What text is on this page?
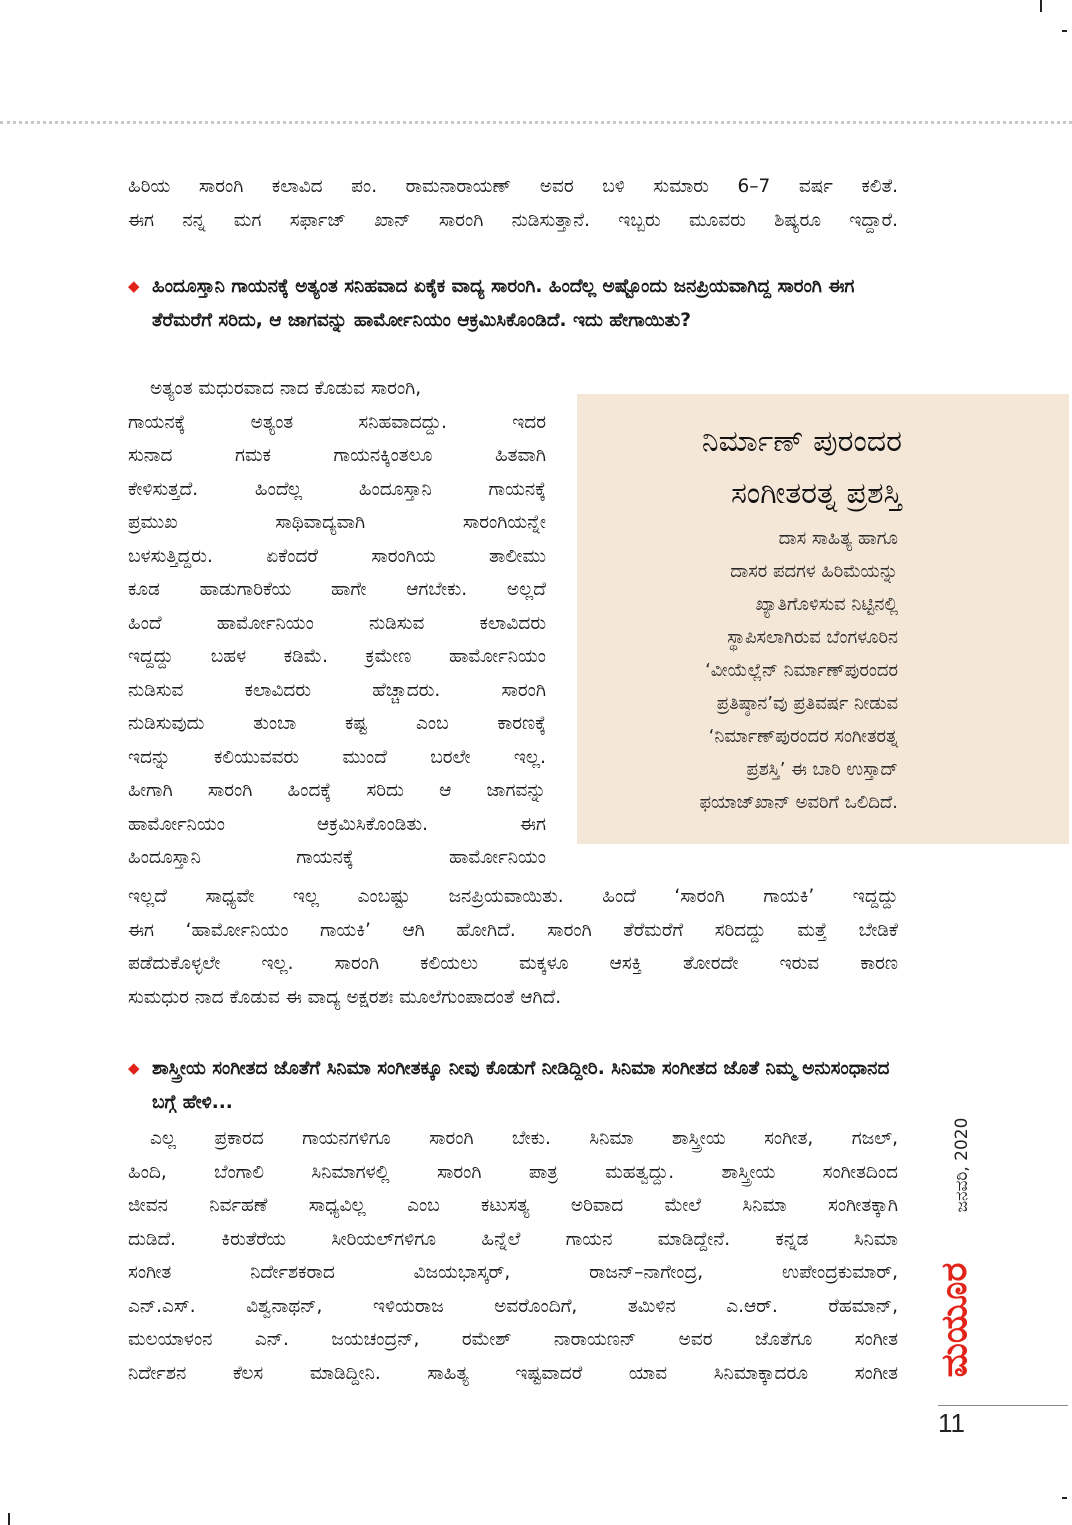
ಹಿರಿಯ ಸಾರಂಗಿ ಕಲಾವಿದ ಪಂ. ರಾಮನಾರಾಯಣ್ ಅವರ ಬಳಿ ಸುಮಾರು 6–7 ವರ್ಷ ಕಲಿತೆ.
ಈಗ ನನ್ನ ಮಗ ಸರ್ಫಾಜ್ ಖಾನ್ ಸಾರಂಗಿ ನುಡಿಸುತ್ತಾನೆ. ಇಬ್ಬರು ಮೂವರು ಶಿಷ್ಯರೂ ಇದ್ದಾರೆ.
◆ ಹಿಂದೂಸ್ತಾನಿ ಗಾಯನಕ್ಕೆ ಅತ್ಯಂತ ಸನಿಹವಾದ ಏಕೈಕ ವಾದ್ಯ ಸಾರಂಗಿ. ಹಿಂದೆಲ್ಲ ಅಷ್ಟೊಂದು ಜನಪ್ರಿಯವಾಗಿದ್ದ ಸಾರಂಗಿ ಈಗ ತೆರೆಮರೆಗೆ ಸರಿದು, ಆ ಜಾಗವನ್ನು ಹಾರ್ಮೋನಿಯಂ ಆಕ್ರಮಿಸಿಕೊಂಡಿದೆ. ಇದು ಹೇಗಾಯಿತು?
ಅತ್ಯಂತ ಮಧುರವಾದ ನಾದ ಕೊಡುವ ಸಾರಂಗಿ,
ಗಾಯನಕ್ಕೆ ಅತ್ಯಂತ ಸನಿಹವಾದದ್ದು. ಇದರ
ಸುನಾದ ಗಮಕ ಗಾಯನಕ್ಕಿಂತಲೂ ಹಿತವಾಗಿ
ಕೇಳಿಸುತ್ತದೆ. ಹಿಂದೆಲ್ಲ ಹಿಂದೂಸ್ತಾನಿ ಗಾಯನಕ್ಕೆ
ಪ್ರಮುಖ ಸಾಥಿವಾದ್ಯವಾಗಿ ಸಾರಂಗಿಯನ್ನೇ
ಬಳಸುತ್ತಿದ್ದರು. ಏಕೆಂದರೆ ಸಾರಂಗಿಯ ತಾಲೀಮು
ಕೂಡ ಹಾಡುಗಾರಿಕೆಯ ಹಾಗೇ ಆಗಬೇಕು. ಅಲ್ಲದೆ
ಹಿಂದೆ ಹಾರ್ಮೋನಿಯಂ ನುಡಿಸುವ ಕಲಾವಿದರು
ಇದ್ದದ್ದು ಬಹಳ ಕಡಿಮೆ. ಕ್ರಮೇಣ ಹಾರ್ಮೋನಿಯಂ
ನುಡಿಸುವ ಕಲಾವಿದರು ಹೆಚ್ಚಾದರು. ಸಾರಂಗಿ
ನುಡಿಸುವುದು ತುಂಬಾ ಕಷ್ಟ ಎಂಬ ಕಾರಣಕ್ಕೆ
ಇದನ್ನು ಕಲಿಯುವವರು ಮುಂದೆ ಬರಲೇ ಇಲ್ಲ.
ಹೀಗಾಗಿ ಸಾರಂಗಿ ಹಿಂದಕ್ಕೆ ಸರಿದು ಆ ಜಾಗವನ್ನು
ಹಾರ್ಮೋನಿಯಂ ಆಕ್ರಮಿಸಿಕೊಂಡಿತು. ಈಗ
ಹಿಂದೂಸ್ತಾನಿ ಗಾಯನಕ್ಕೆ ಹಾರ್ಮೋನಿಯಂ
ನಿರ್ಮಾಣ್ ಪುರಂದರ
ಸಂಗೀತರತ್ನ ಪ್ರಶಸ್ತಿ
ದಾಸ ಸಾಹಿತ್ಯ ಹಾಗೂ
ದಾಸರ ಪದಗಳ ಹಿರಿಮೆಯನ್ನು
ಖ್ಯಾತಿಗೊಳಿಸುವ ನಿಟ್ಟಿನಲ್ಲಿ
ಸ್ಥಾಪಿಸಲಾಗಿರುವ ಬೆಂಗಳೂರಿನ
‘ವೀಯೆಲ್ಲೆನ್ ನಿರ್ಮಾಣ್‌ಪುರಂದರ
ಪ್ರತಿಷ್ಠಾನ’ವು ಪ್ರತಿವರ್ಷ ನೀಡುವ
‘ನಿರ್ಮಾಣ್‌ಪುರಂದರ ಸಂಗೀತರತ್ನ
ಪ್ರಶಸ್ತಿ’ ಈ ಬಾರಿ ಉಸ್ತಾದ್
ಫಯಾಜ್‌ಖಾನ್ ಅವರಿಗೆ ಒಲಿದಿದೆ.
ಇಲ್ಲದೆ ಸಾಧ್ಯವೇ ಇಲ್ಲ ಎಂಬಷ್ಟು ಜನಪ್ರಿಯವಾಯಿತು. ಹಿಂದೆ ‘ಸಾರಂಗಿ ಗಾಯಕಿ’ ಇದ್ದದ್ದು
ಈಗ ‘ಹಾರ್ಮೋನಿಯಂ ಗಾಯಕಿ’ ಆಗಿ ಹೋಗಿದೆ. ಸಾರಂಗಿ ತೆರೆಮರೆಗೆ ಸರಿದದ್ದು ಮತ್ತೆ ಬೇಡಿಕೆ
ಪಡೆದುಕೊಳ್ಳಲೇ ಇಲ್ಲ. ಸಾರಂಗಿ ಕಲಿಯಲು ಮಕ್ಕಳೂ ಆಸಕ್ತಿ ತೋರದೇ ಇರುವ ಕಾರಣ
ಸುಮಧುರ ನಾದ ಕೊಡುವ ಈ ವಾದ್ಯ ಅಕ್ಷರಶಃ ಮೂಲೆಗುಂಪಾದಂತೆ ಆಗಿದೆ.
◆ ಶಾಸ್ತ್ರೀಯ ಸಂಗೀತದ ಜೊತೆಗೆ ಸಿನಿಮಾ ಸಂಗೀತಕ್ಕೂ ನೀವು ಕೊಡುಗೆ ನೀಡಿದ್ದೀರಿ. ಸಿನಿಮಾ ಸಂಗೀತದ ಜೊತೆ ನಿಮ್ಮ ಅನುಸಂಧಾನದ ಬಗ್ಗೆ ಹೇಳಿ...
ಎಲ್ಲ ಪ್ರಕಾರದ ಗಾಯನಗಳಿಗೂ ಸಾರಂಗಿ ಬೇಕು. ಸಿನಿಮಾ ಶಾಸ್ತ್ರೀಯ ಸಂಗೀತ, ಗಜಲ್,
ಹಿಂದಿ, ಬೆಂಗಾಲಿ ಸಿನಿಮಾಗಳಲ್ಲಿ ಸಾರಂಗಿ ಪಾತ್ರ ಮಹತ್ವದ್ದು. ಶಾಸ್ತ್ರೀಯ ಸಂಗೀತದಿಂದ
ಜೀವನ ನಿರ್ವಹಣೆ ಸಾಧ್ಯವಿಲ್ಲ ಎಂಬ ಕಟುಸತ್ಯ ಅರಿವಾದ ಮೇಲೆ ಸಿನಿಮಾ ಸಂಗೀತಕ್ಕಾಗಿ
ದುಡಿದೆ. ಕಿರುತೆರೆಯ ಸೀರಿಯಲ್‌ಗಳಿಗೂ ಹಿನ್ನೆಲೆ ಗಾಯನ ಮಾಡಿದ್ದೇನೆ. ಕನ್ನಡ ಸಿನಿಮಾ
ಸಂಗೀತ ನಿರ್ದೇಶಕರಾದ ವಿಜಯಭಾಸ್ಕರ್, ರಾಜನ್–ನಾಗೇಂದ್ರ, ಉಪೇಂದ್ರಕುಮಾರ್,
ಎನ್.ಎಸ್. ವಿಶ್ವನಾಥನ್, ಇಳಿಯರಾಜ ಅವರೊಂದಿಗೆ, ತಮಿಳಿನ ಎ.ಆರ್. ರೆಹಮಾನ್,
ಮಲಯಾಳಂನ ಎನ್. ಜಯಚಂದ್ರನ್, ರಮೇಶ್ ನಾರಾಯಣನ್ ಅವರ ಜೊತೆಗೂ ಸಂಗೀತ
ನಿರ್ದೇಶನ ಕೆಲಸ ಮಾಡಿದ್ದೀನಿ. ಸಾಹಿತ್ಯ ಇಷ್ಟವಾದರೆ ಯಾವ ಸಿನಿಮಾಕ್ಕಾದರೂ ಸಂಗೀತ
ಜನವರಿ, 2020
ಮಯೂರ
11
